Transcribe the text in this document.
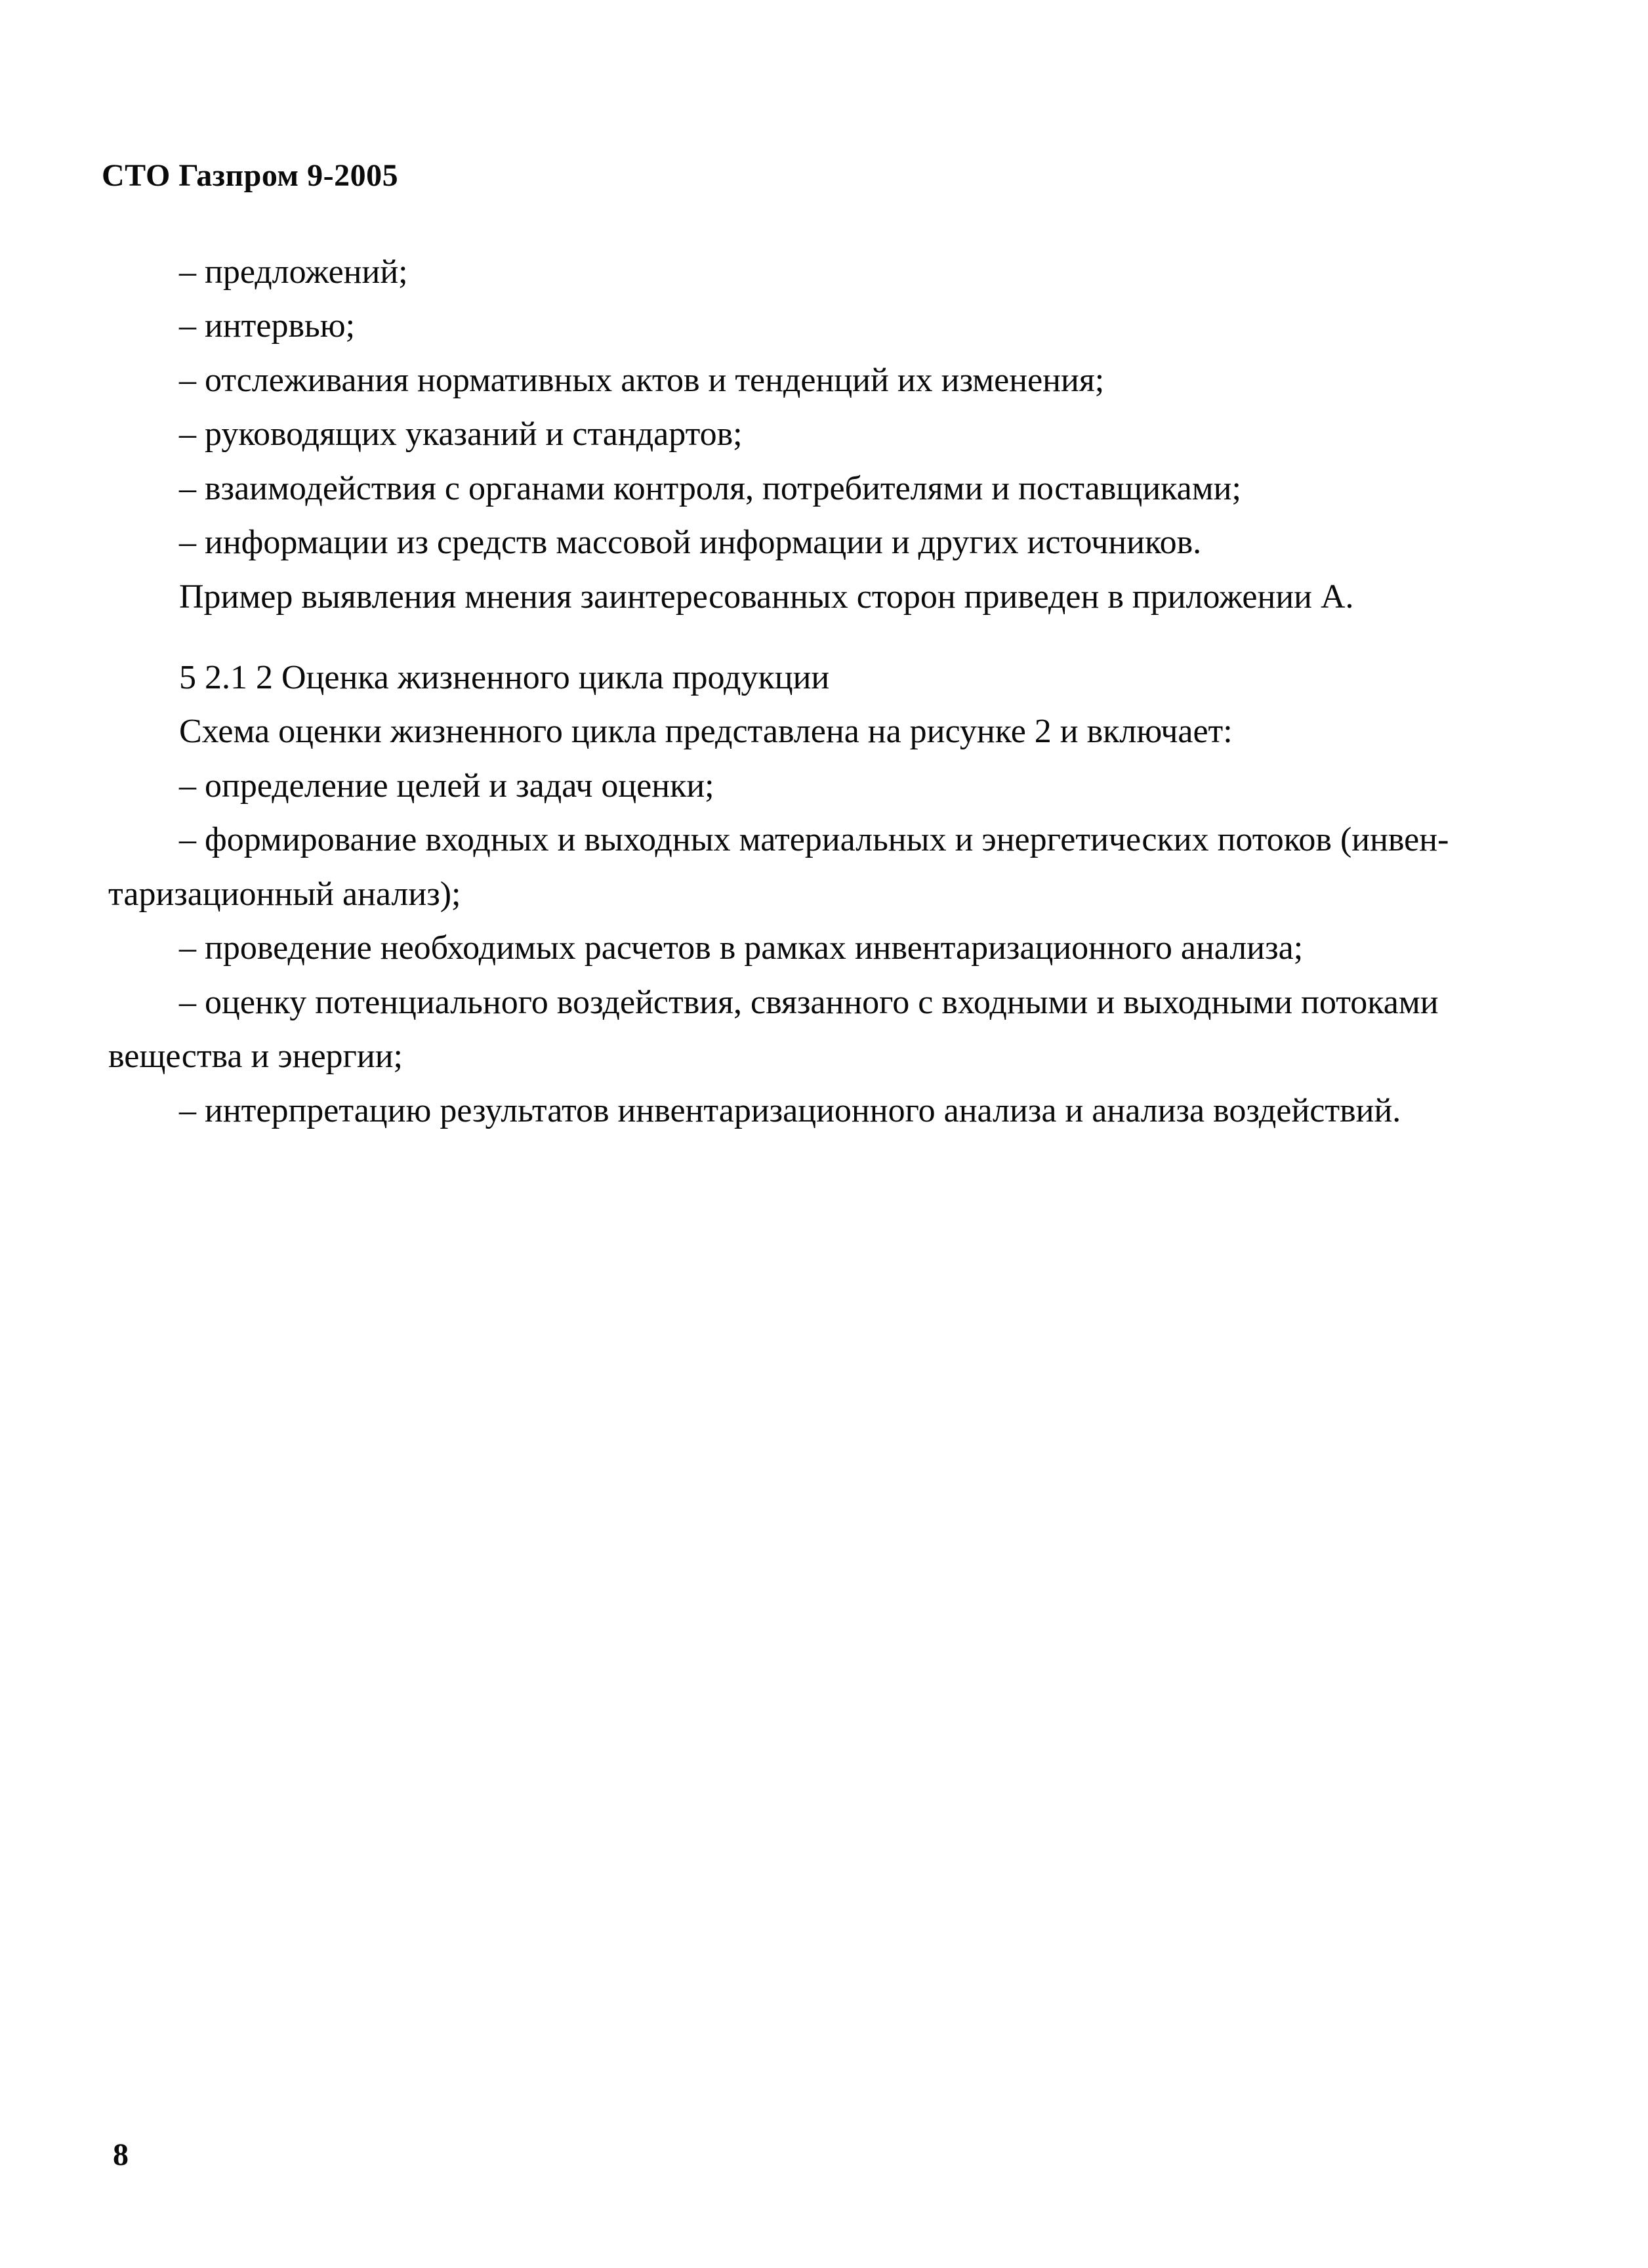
СТО Газпром 9-2005
– предложений;
– интервью;
– отслеживания нормативных актов и тенденций их изменения;
– руководящих указаний и стандартов;
– взаимодействия с органами контроля, потребителями и поставщиками;
– информации из средств массовой информации и других источников.
Пример выявления мнения заинтересованных сторон приведен в приложении А.
5 2.1 2 Оценка жизненного цикла продукции
Схема оценки жизненного цикла представлена на рисунке 2 и включает:
– определение целей и задач оценки;
– формирование входных и выходных материальных и энергетических потоков (инвен-
таризационный анализ);
– проведение необходимых расчетов в рамках инвентаризационного анализа;
– оценку потенциального воздействия, связанного с входными и выходными потоками
вещества и энергии;
– интерпретацию результатов инвентаризационного анализа и анализа воздействий.
8
